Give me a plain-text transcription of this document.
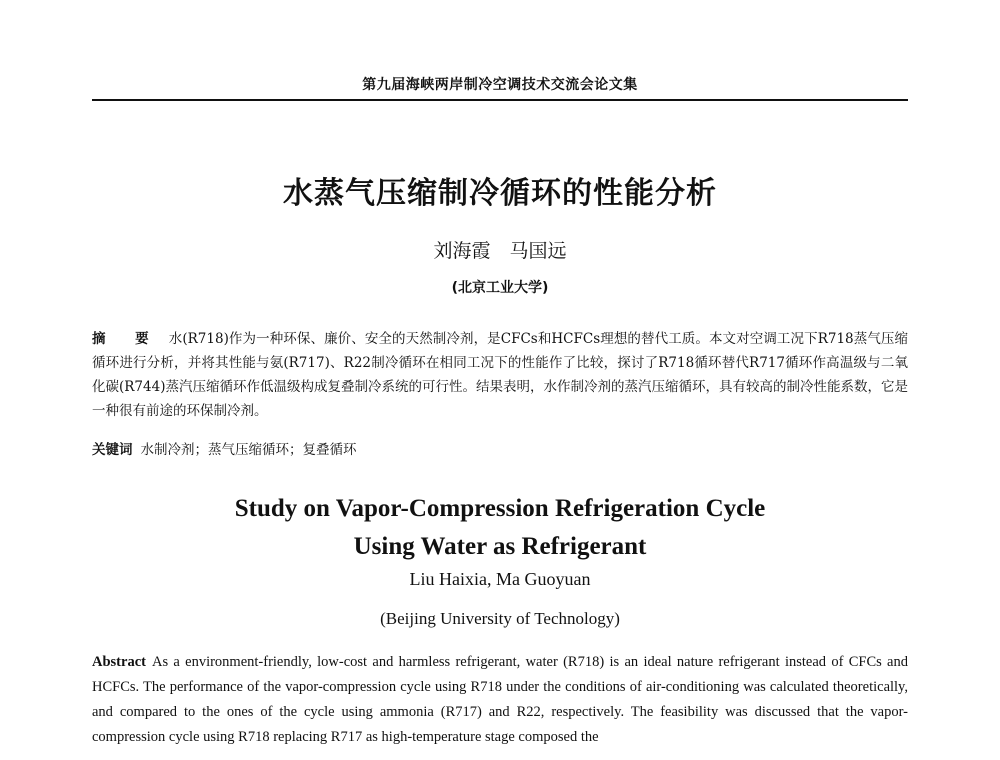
第九届海峡两岸制冷空调技术交流会论文集
水蒸气压缩制冷循环的性能分析
刘海霞　马国远
(北京工业大学)
摘　要 水(R718)作为一种环保、廉价、安全的天然制冷剂，是CFCs和HCFCs理想的替代工质。本文对空调工况下R718蒸气压缩循环进行分析，并将其性能与氨(R717)、R22制冷循环在相同工况下的性能作了比较，探讨了R718循环替代R717循环作高温级与二氧化碳(R744)蒸汽压缩循环作低温级构成复叠制冷系统的可行性。结果表明，水作制冷剂的蒸汽压缩循环，具有较高的制冷性能系数，它是一种很有前途的环保制冷剂。
关键词 水制冷剂；蒸气压缩循环；复叠循环
Study on Vapor-Compression Refrigeration Cycle
Using Water as Refrigerant
Liu Haixia, Ma Guoyuan
(Beijing University of Technology)
Abstract As a environment-friendly, low-cost and harmless refrigerant, water (R718) is an ideal nature refrigerant instead of CFCs and HCFCs. The performance of the vapor-compression cycle using R718 under the conditions of air-conditioning was calculated theoretically, and compared to the ones of the cycle using ammonia (R717) and R22, respectively. The feasibility was discussed that the vapor-compression cycle using R718 replacing R717 as high-temperature stage composed the
